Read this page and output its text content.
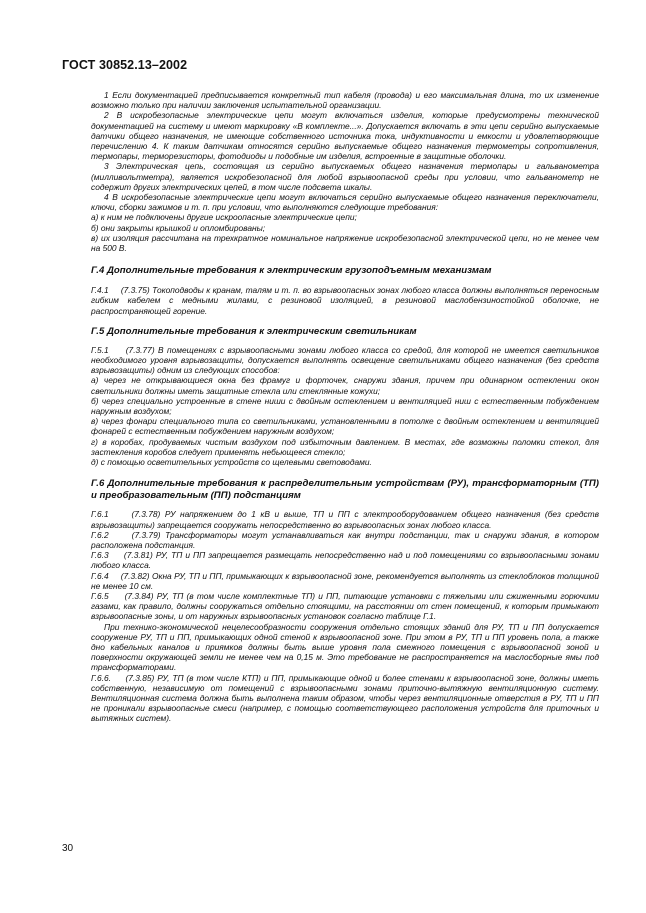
ГОСТ 30852.13–2002

1 Если документацией предписывается конкретный тип кабеля (провода) и его максимальная длина, то их изменение возможно только при наличии заключения испытательной организации.

2 В искробезопасные электрические цепи могут включаться изделия, которые предусмотрены технической документацией на систему и имеют маркировку «В комплекте...». Допускается включать в эти цепи серийно выпускаемые датчики общего назначения, не имеющие собственного источника тока, индуктивности и емкости и удовлетворяющие перечислению 4. К таким датчикам относятся серийно выпускаемые общего назначения термометры сопротивления, термопары, терморезисторы, фотодиоды и подобные им изделия, встроенные в защитные оболочки.

3 Электрическая цепь, состоящая из серийно выпускаемых общего назначения термопары и гальванометра (милливольтметра), является искробезопасной для любой взрывоопасной среды при условии, что гальванометр не содержит других электрических цепей, в том числе подсвета шкалы.

4 В искробезопасные электрические цепи могут включаться серийно выпускаемые общего назначения переключатели, ключи, сборки зажимов и т. п. при условии, что выполняются следующие требования:

а) к ним не подключены другие искроопасные электрические цепи;

б) они закрыты крышкой и опломбированы;

в) их изоляция рассчитана на трехкратное номинальное напряжение искробезопасной электрической цепи, но не менее чем на 500 В.

Г.4 Дополнительные требования к электрическим грузоподъемным механизмам

Г.4.1     (7.3.75) Токоподводы к кранам, талям и т. п. во взрывоопасных зонах любого класса должны выполняться переносным гибким кабелем с медными жилами, с резиновой изоляцией, в резиновой маслобензиностойкой оболочке, не распространяющей горение.

Г.5 Дополнительные требования к электрическим светильникам

Г.5.1     (7.3.77) В помещениях с взрывоопасными зонами любого класса со средой, для которой не имеется светильников необходимого уровня взрывозащиты, допускается выполнять освещение светильниками общего назначения (без средств взрывозащиты) одним из следующих способов:

а) через не открывающиеся окна без фрамуг и форточек, снаружи здания, причем при одинарном остеклении окон светильники должны иметь защитные стекла или стеклянные кожухи;

б) через специально устроенные в стене ниши с двойным остеклением и вентиляцией ниш с естественным побуждением наружным воздухом;

в) через фонари специального типа со светильниками, установленными в потолке с двойным остеклением и вентиляцией фонарей с естественным побуждением наружным воздухом;

г) в коробах, продуваемых чистым воздухом под избыточным давлением. В местах, где возможны поломки стекол, для застекления коробов следует применять небьющееся стекло;

д) с помощью осветительных устройств со щелевыми световодами.

Г.6 Дополнительные требования к распределительным устройствам (РУ), трансформаторным (ТП) и преобразовательным (ПП) подстанциям

Г.6.1     (7.3.78) РУ напряжением до 1 кВ и выше, ТП и ПП с электрооборудованием общего назначения (без средств взрывозащиты) запрещается сооружать непосредственно во взрывоопасных зонах любого класса.

Г.6.2     (7.3.79) Трансформаторы могут устанавливаться как внутри подстанции, так и снаружи здания, в котором расположена подстанция.

Г.6.3     (7.3.81) РУ, ТП и ПП запрещается размещать непосредственно над и под помещениями со взрывоопасными зонами любого класса.

Г.6.4     (7.3.82) Окна РУ, ТП и ПП, примыкающих к взрывоопасной зоне, рекомендуется выполнять из стеклоблоков толщиной не менее 10 см.

Г.6.5     (7.3.84) РУ, ТП (в том числе комплектные ТП) и ПП, питающие установки с тяжелыми или сжиженными горючими газами, как правило, должны сооружаться отдельно стоящими, на расстоянии от стен помещений, к которым примыкают взрывоопасные зоны, и от наружных взрывоопасных установок согласно таблице Г.1.

При технико-экономической нецелесообразности сооружения отдельно стоящих зданий для РУ, ТП и ПП допускается сооружение РУ, ТП и ПП, примыкающих одной стеной к взрывоопасной зоне. При этом в РУ, ТП и ПП уровень пола, а также дно кабельных каналов и приямков должны быть выше уровня пола смежного помещения с взрывоопасной зоной и поверхности окружающей земли не менее чем на 0,15 м. Это требование не распространяется на маслосборные ямы под трансформаторами.

Г.6.6.     (7.3.85) РУ, ТП (в том числе КТП) и ПП, примыкающие одной и более стенами к взрывоопасной зоне, должны иметь собственную, независимую от помещений с взрывоопасными зонами приточно-вытяжную вентиляционную систему. Вентиляционная система должна быть выполнена таким образом, чтобы через вентиляционные отверстия в РУ, ТП и ПП не проникали взрывоопасные смеси (например, с помощью соответствующего расположения устройств для приточных и вытяжных систем).

30
